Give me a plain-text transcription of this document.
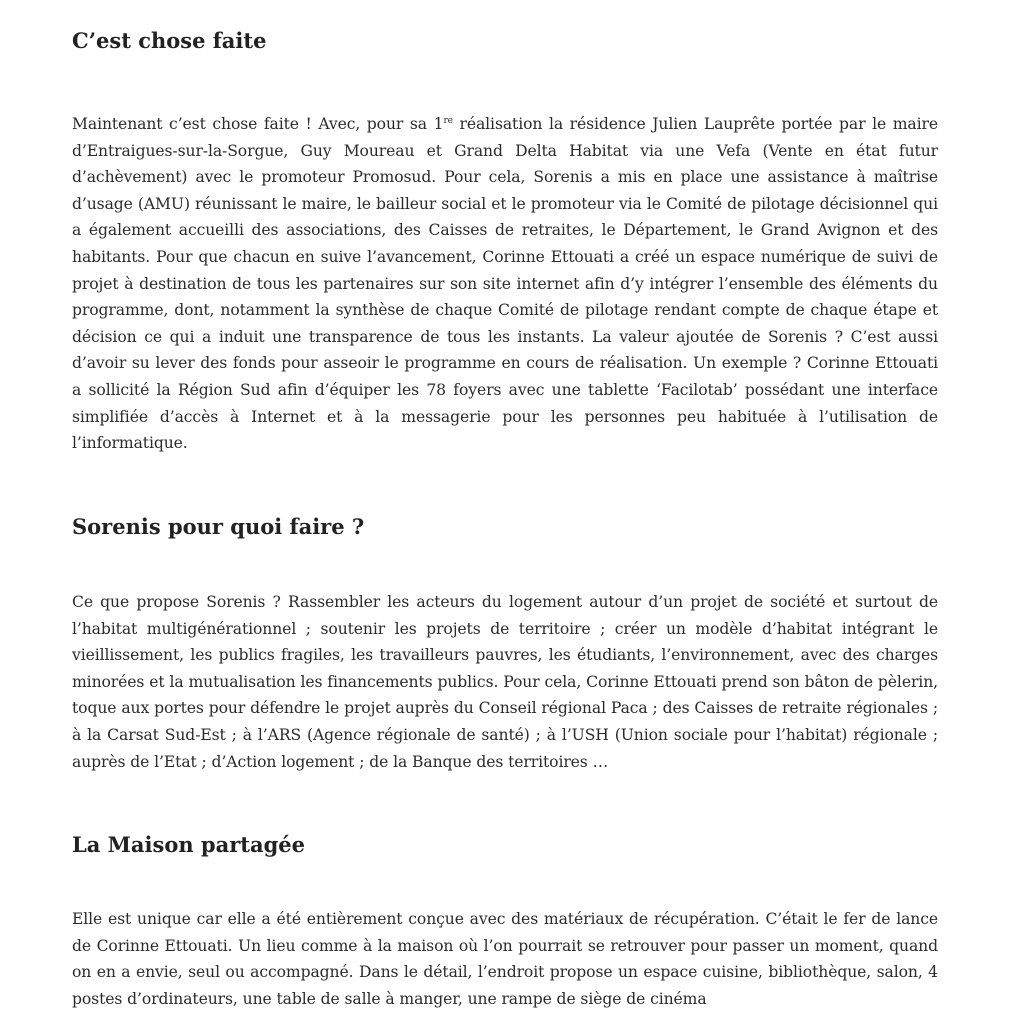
C’est chose faite

Maintenant c’est chose faite ! Avec, pour sa 1re réalisation la résidence Julien Lauprête portée par le maire d’Entraigues-sur-la-Sorgue, Guy Moureau et Grand Delta Habitat via une Vefa (Vente en état futur d’achèvement) avec le promoteur Promosud. Pour cela, Sorenis a mis en place une assistance à maîtrise d’usage (AMU) réunissant le maire, le bailleur social et le promoteur via le Comité de pilotage décisionnel qui a également accueilli des associations, des Caisses de retraites, le Département, le Grand Avignon et des habitants. Pour que chacun en suive l’avancement, Corinne Ettouati a créé un espace numérique de suivi de projet à destination de tous les partenaires sur son site internet afin d’y intégrer l’ensemble des éléments du programme, dont, notamment la synthèse de chaque Comité de pilotage rendant compte de chaque étape et décision ce qui a induit une transparence de tous les instants. La valeur ajoutée de Sorenis ? C’est aussi d’avoir su lever des fonds pour asseoir le programme en cours de réalisation. Un exemple ? Corinne Ettouati a sollicité la Région Sud afin d’équiper les 78 foyers avec une tablette ‘Facilotab’ possédant une interface simplifiée d’accès à Internet et à la messagerie pour les personnes peu habituée à l’utilisation de l’informatique.

Sorenis pour quoi faire ?

Ce que propose Sorenis ? Rassembler les acteurs du logement autour d’un projet de société et surtout de l’habitat multigénérationnel ; soutenir les projets de territoire ; créer un modèle d’habitat intégrant le vieillissement, les publics fragiles, les travailleurs pauvres, les étudiants, l’environnement, avec des charges minorées et la mutualisation les financements publics. Pour cela, Corinne Ettouati prend son bâton de pèlerin, toque aux portes pour défendre le projet auprès du Conseil régional Paca ; des Caisses de retraite régionales ; à la Carsat Sud-Est ; à l’ARS (Agence régionale de santé) ; à l’USH (Union sociale pour l’habitat) régionale ; auprès de l’Etat ; d’Action logement ; de la Banque des territoires …

La Maison partagée

Elle est unique car elle a été entièrement conçue avec des matériaux de récupération. C’était le fer de lance de Corinne Ettouati. Un lieu comme à la maison où l’on pourrait se retrouver pour passer un moment, quand on en a envie, seul ou accompagné. Dans le détail, l’endroit propose un espace cuisine, bibliothèque, salon, 4 postes d’ordinateurs, une table de salle à manger, une rampe de siège de cinéma
